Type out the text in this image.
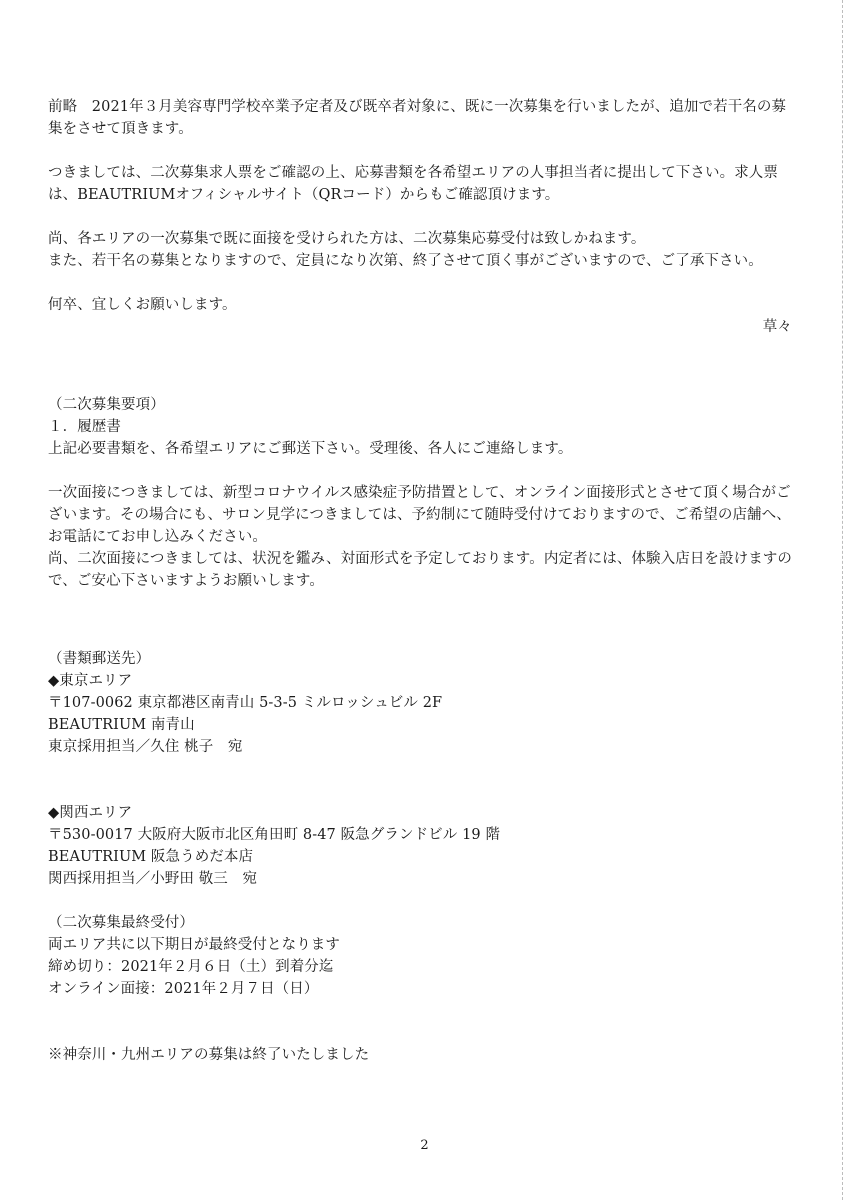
前略　2021年３月美容専門学校卒業予定者及び既卒者対象に、既に一次募集を行いましたが、追加で若干名の募集をさせて頂きます。

つきましては、二次募集求人票をご確認の上、応募書類を各希望エリアの人事担当者に提出して下さい。求人票は、BEAUTRIUMオフィシャルサイト（QRコード）からもご確認頂けます。

尚、各エリアの一次募集で既に面接を受けられた方は、二次募集応募受付は致しかねます。

また、若干名の募集となりますので、定員になり次第、終了させて頂く事がございますので、ご了承下さい。

何卒、宜しくお願いします。

草々

（二次募集要項）

１．履歴書

上記必要書類を、各希望エリアにご郵送下さい。受理後、各人にご連絡します。

一次面接につきましては、新型コロナウイルス感染症予防措置として、オンライン面接形式とさせて頂く場合がございます。その場合にも、サロン見学につきましては、予約制にて随時受付けておりますので、ご希望の店舗へ、お電話にてお申し込みください。

尚、二次面接につきましては、状況を鑑み、対面形式を予定しております。内定者には、体験入店日を設けますので、ご安心下さいますようお願いします。

（書類郵送先）

◆東京エリア

〒107-0062 東京都港区南青山 5-3-5 ミルロッシュビル 2F

BEAUTRIUM 南青山

東京採用担当／久住 桃子　宛

◆関西エリア

〒530-0017 大阪府大阪市北区角田町 8-47 阪急グランドビル 19 階

BEAUTRIUM 阪急うめだ本店

関西採用担当／小野田 敬三　宛

（二次募集最終受付）

両エリア共に以下期日が最終受付となります

締め切り：2021年２月６日（土）到着分迄

オンライン面接：2021年２月７日（日）

※神奈川・九州エリアの募集は終了いたしました

2
